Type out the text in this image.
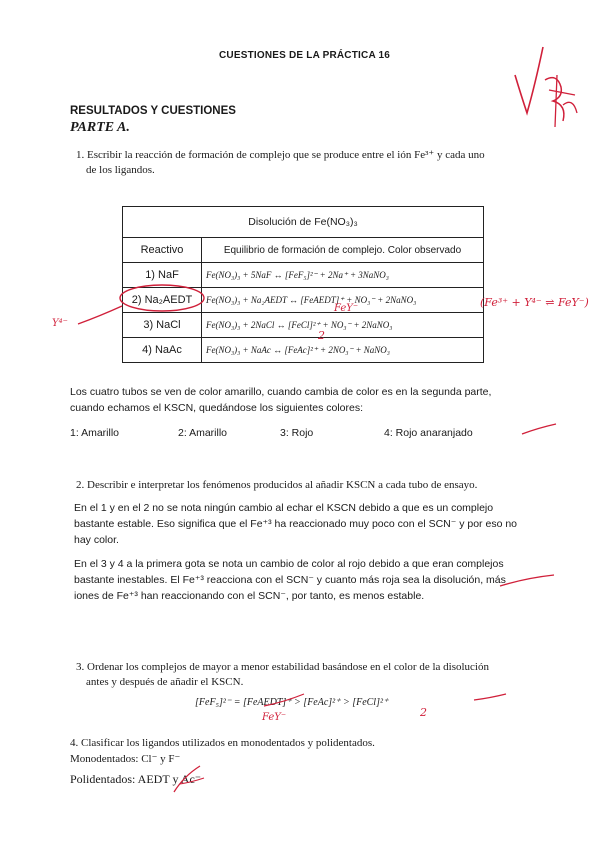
CUESTIONES DE LA PRÁCTICA 16
RESULTADOS Y CUESTIONES
PARTE A.
1. Escribir la reacción de formación de complejo que se produce entre el ión Fe³⁺ y cada uno
de los ligandos.
Disolución de Fe(NO₃)₃	
Reactivo	Equilibrio de formación de complejo. Color observado
1) NaF	Fe(NO₃)₃ + 5NaF ↔ [FeF₅]²⁻ + 2Na⁺ + 3NaNO₃
2) Na₂AEDT	Fe(NO₃)₃ + Na₂AEDT ↔ [FeAEDT]⁺ + NO₃⁻ + 2NaNO₃
3) NaCl	Fe(NO₃)₃ + 2NaCl ↔ [FeCl]²⁺ + NO₃⁻ + 2NaNO₃
4) NaAc	Fe(NO₃)₃ + NaAc ↔ [FeAc]²⁺ + 2NO₃⁻ + NaNO₃
Y⁴⁻
FeY⁻
2
(Fe³⁺ + Y⁴⁻ ⇌ FeY⁻)
Los cuatro tubos se ven de color amarillo, cuando cambia de color es en la segunda parte,
cuando echamos el KSCN, quedándose los siguientes colores:
1: Amarillo	2: Amarillo	3: Rojo	4: Rojo anaranjado
2. Describir e interpretar los fenómenos producidos al añadir KSCN a cada tubo de ensayo.
En el 1 y en el 2 no se nota ningún cambio al echar el KSCN debido a que es un complejo
bastante estable. Eso significa que el Fe⁺³ ha reaccionado muy poco con el SCN⁻ y por eso no
hay color.
En el 3 y 4 a la primera gota se nota un cambio de color al rojo debido a que eran complejos
bastante inestables. El Fe⁺³ reacciona con el SCN⁻ y cuanto más roja sea la disolución, más
iones de Fe⁺³ han reaccionando con el SCN⁻, por tanto, es menos estable.
3. Ordenar los complejos de mayor a menor estabilidad basándose en el color de la disolución
antes y después de añadir el KSCN.
[FeF₅]²⁻ = [FeAEDT]⁺ > [FeAc]²⁺ > [FeCl]²⁺
FeY⁻	2
4. Clasificar los ligandos utilizados en monodentados y polidentados.
Monodentados: Cl⁻ y F⁻
Polidentados: AEDT y Ac⁻
